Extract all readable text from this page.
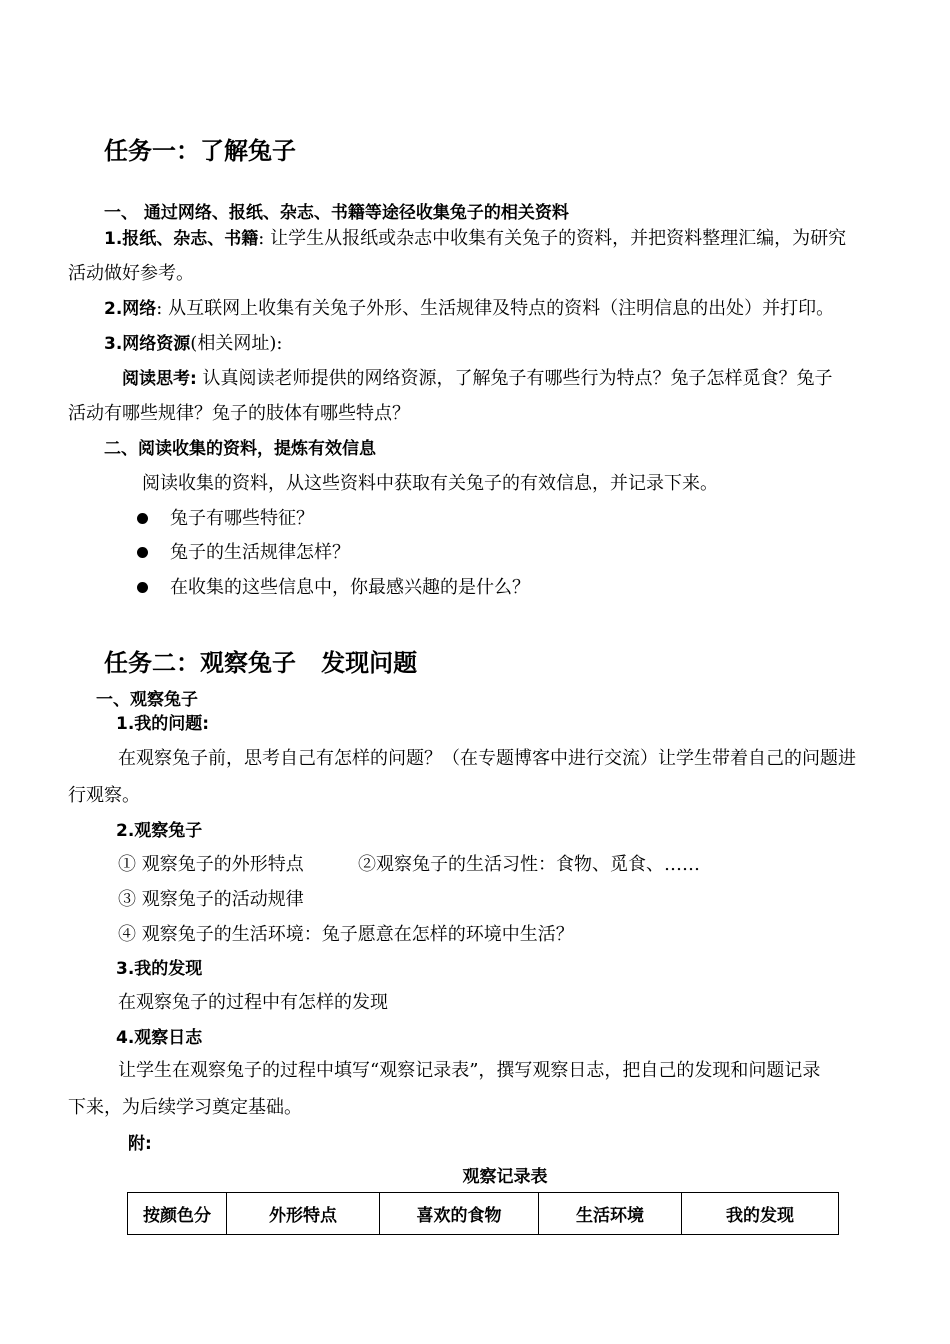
任务一：了解兔子
一、 通过网络、报纸、杂志、书籍等途径收集兔子的相关资料
1.报纸、杂志、书籍: 让学生从报纸或杂志中收集有关兔子的资料，并把资料整理汇编，为研究
活动做好参考。
2.网络: 从互联网上收集有关兔子外形、生活规律及特点的资料（注明信息的出处）并打印。
3.网络资源(相关网址):
阅读思考: 认真阅读老师提供的网络资源，了解兔子有哪些行为特点？兔子怎样觅食？兔子
活动有哪些规律？兔子的肢体有哪些特点？
二、阅读收集的资料，提炼有效信息
阅读收集的资料，从这些资料中获取有关兔子的有效信息，并记录下来。
兔子有哪些特征？
兔子的生活规律怎样？
在收集的这些信息中，你最感兴趣的是什么？
任务二：观察兔子   发现问题
一、观察兔子
1.我的问题:
在观察兔子前，思考自己有怎样的问题？（在专题博客中进行交流）让学生带着自己的问题进
行观察。
2.观察兔子
① 观察兔子的外形特点	②观察兔子的生活习性：食物、觅食、……
③ 观察兔子的活动规律
④ 观察兔子的生活环境：兔子愿意在怎样的环境中生活？
3.我的发现
在观察兔子的过程中有怎样的发现
4.观察日志
让学生在观察兔子的过程中填写“观察记录表”，撰写观察日志，把自己的发现和问题记录
下来，为后续学习奠定基础。
附:
观察记录表
按颜色分	外形特点	喜欢的食物	生活环境	我的发现
